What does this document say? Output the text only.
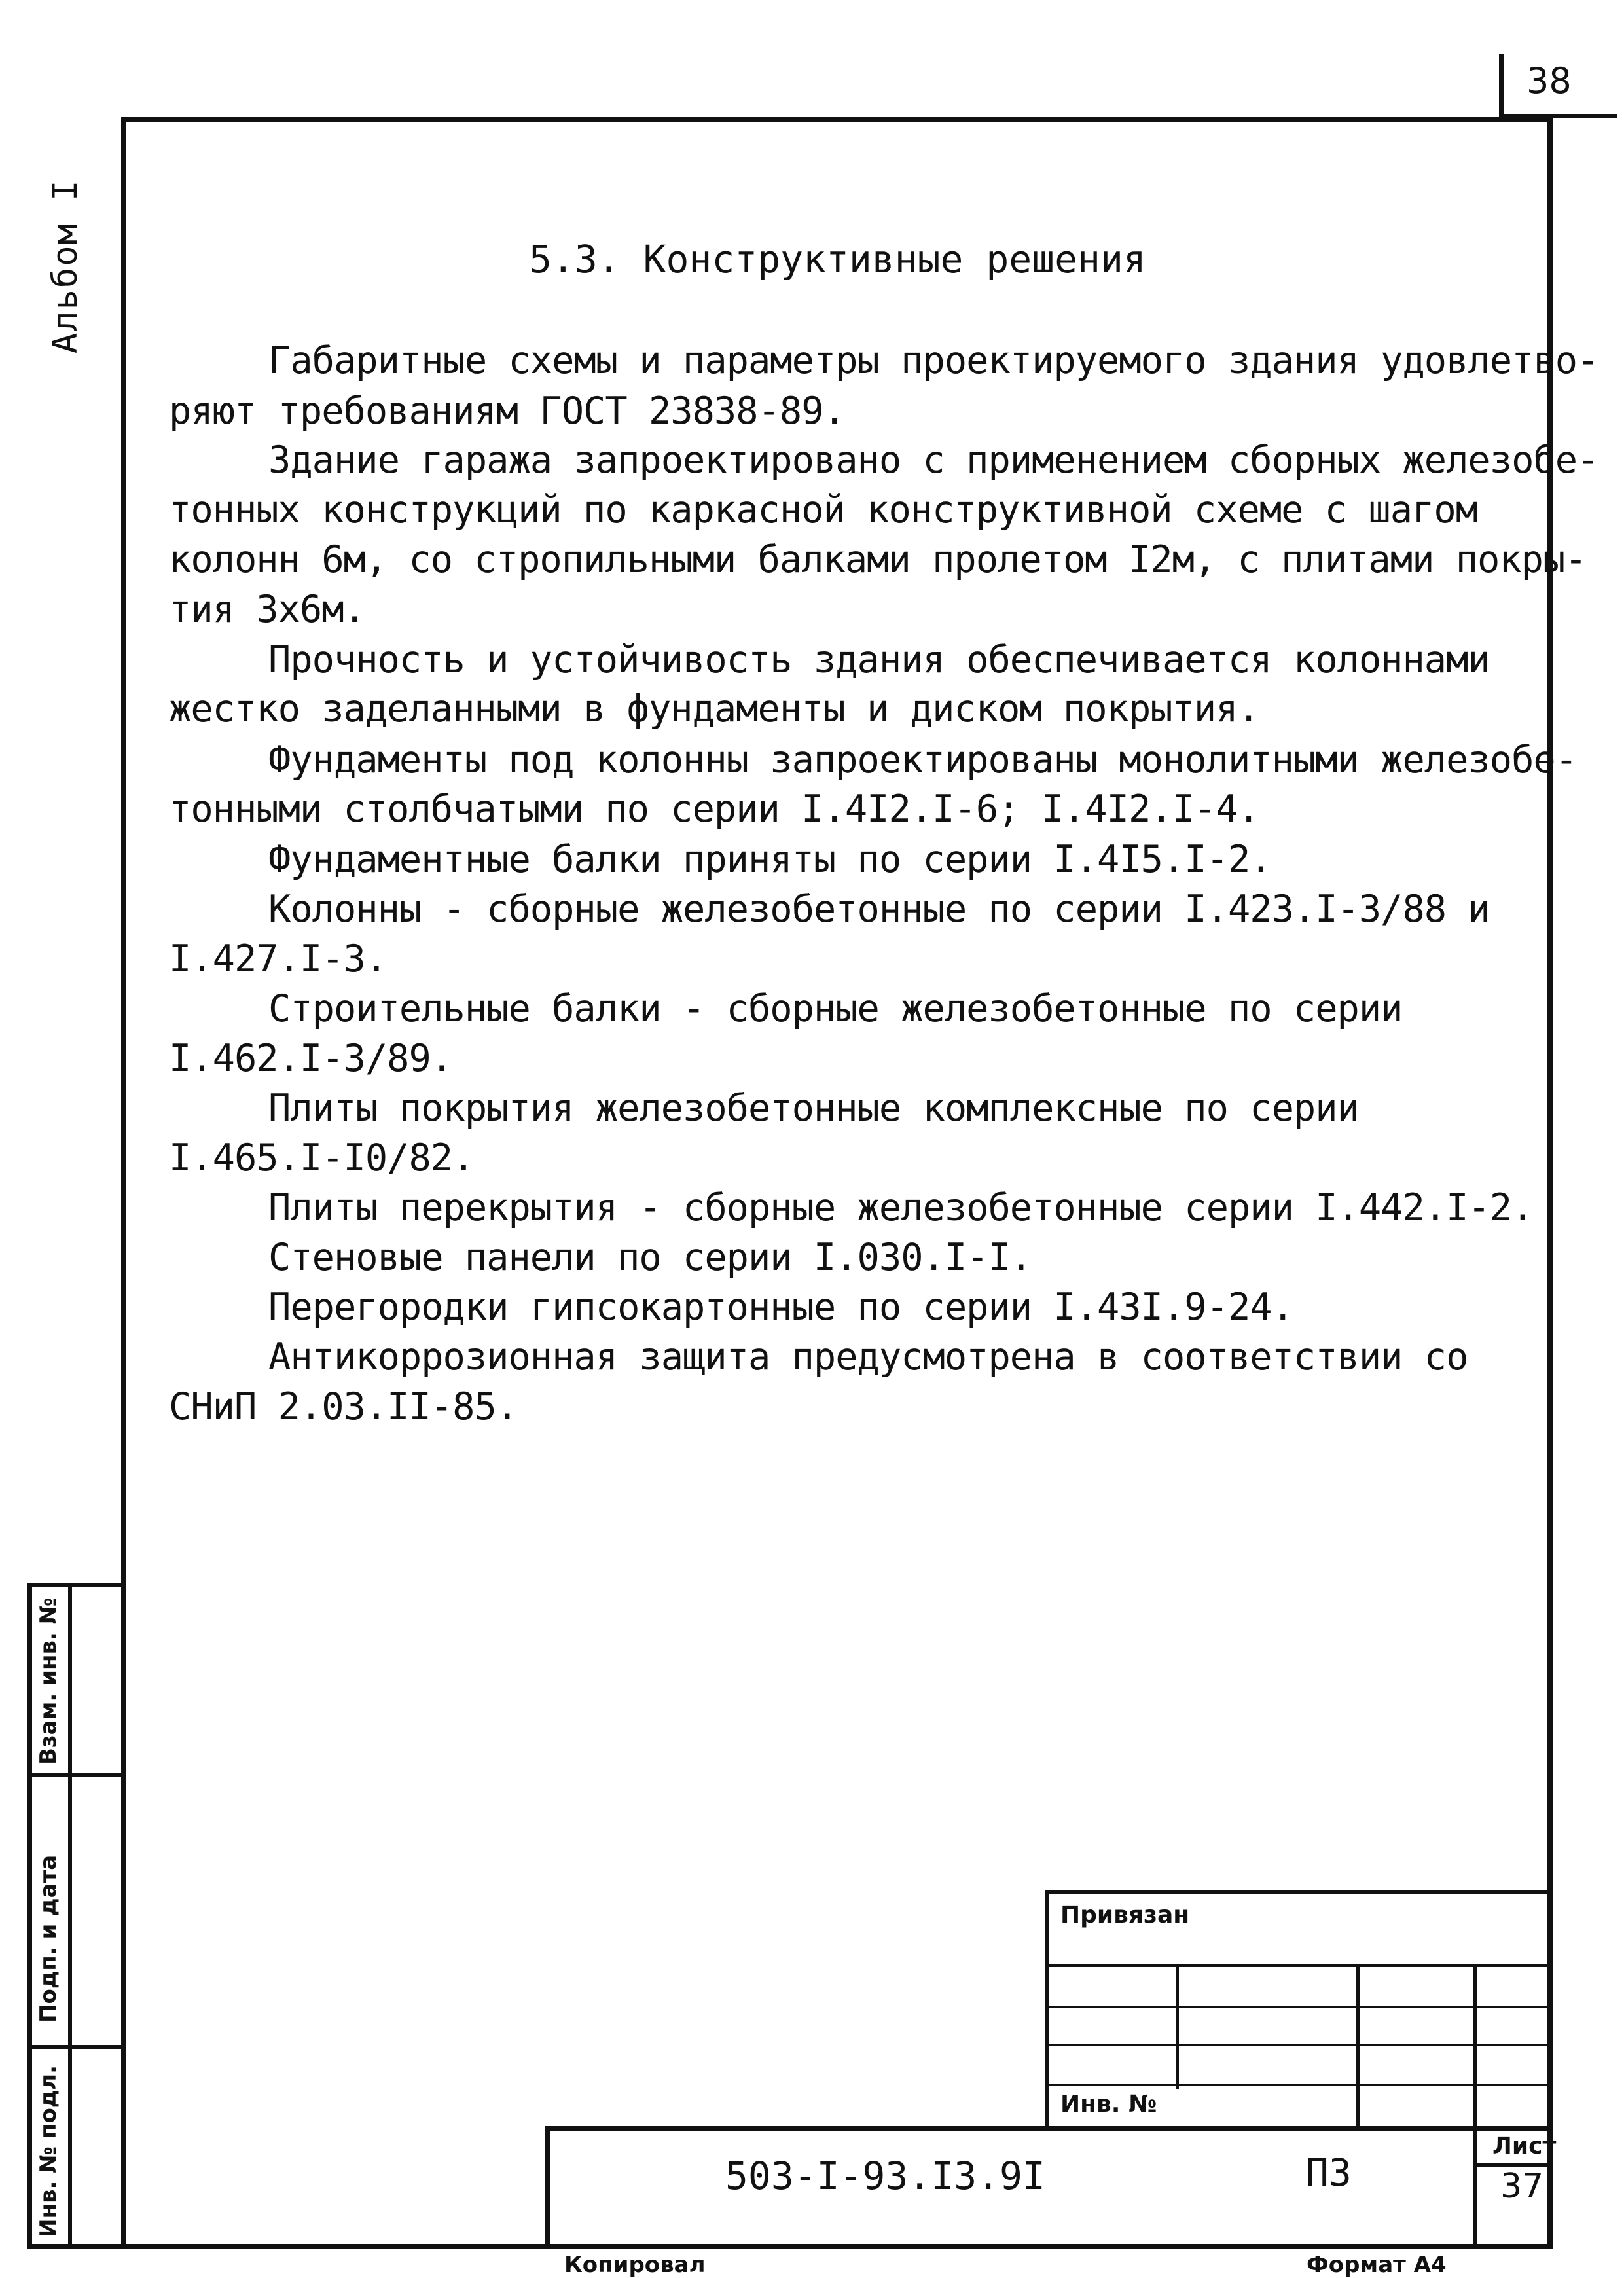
38
Альбом I	5.3. Конструктивные решения
Габаритные схемы и параметры проектируемого здания удовлетво-
ряют требованиям ГОСТ 23838-89.
Здание гаража запроектировано с применением сборных железобе-
тонных конструкций по каркасной конструктивной схеме с шагом
колонн 6м, со стропильными балками пролетом I2м, с плитами покры-
тия 3х6м.
Прочность и устойчивость здания обеспечивается колоннами
жестко заделанными в фундаменты и диском покрытия.
Фундаменты под колонны запроектированы монолитными железобе-
тонными столбчатыми по серии I.4I2.I-6; I.4I2.I-4.
Фундаментные балки приняты по серии I.4I5.I-2.
Колонны - сборные железобетонные по серии I.423.I-3/88 и
I.427.I-3.
Строительные балки - сборные железобетонные по серии
I.462.I-3/89.
Плиты покрытия железобетонные комплексные по серии
I.465.I-I0/82.
Плиты перекрытия - сборные железобетонные серии I.442.I-2.
Стеновые панели по серии I.030.I-I.
Перегородки гипсокартонные по серии I.43I.9-24.
Антикоррозионная защита предусмотрена в соответствии со
СНиП 2.03.II-85.
Взам. инв. №
Подп. и дата
Инв. № подл.
Привязан
Инв. №
503-I-93.I3.9I	ПЗ
Лист
37
Копировал	Формат А4
